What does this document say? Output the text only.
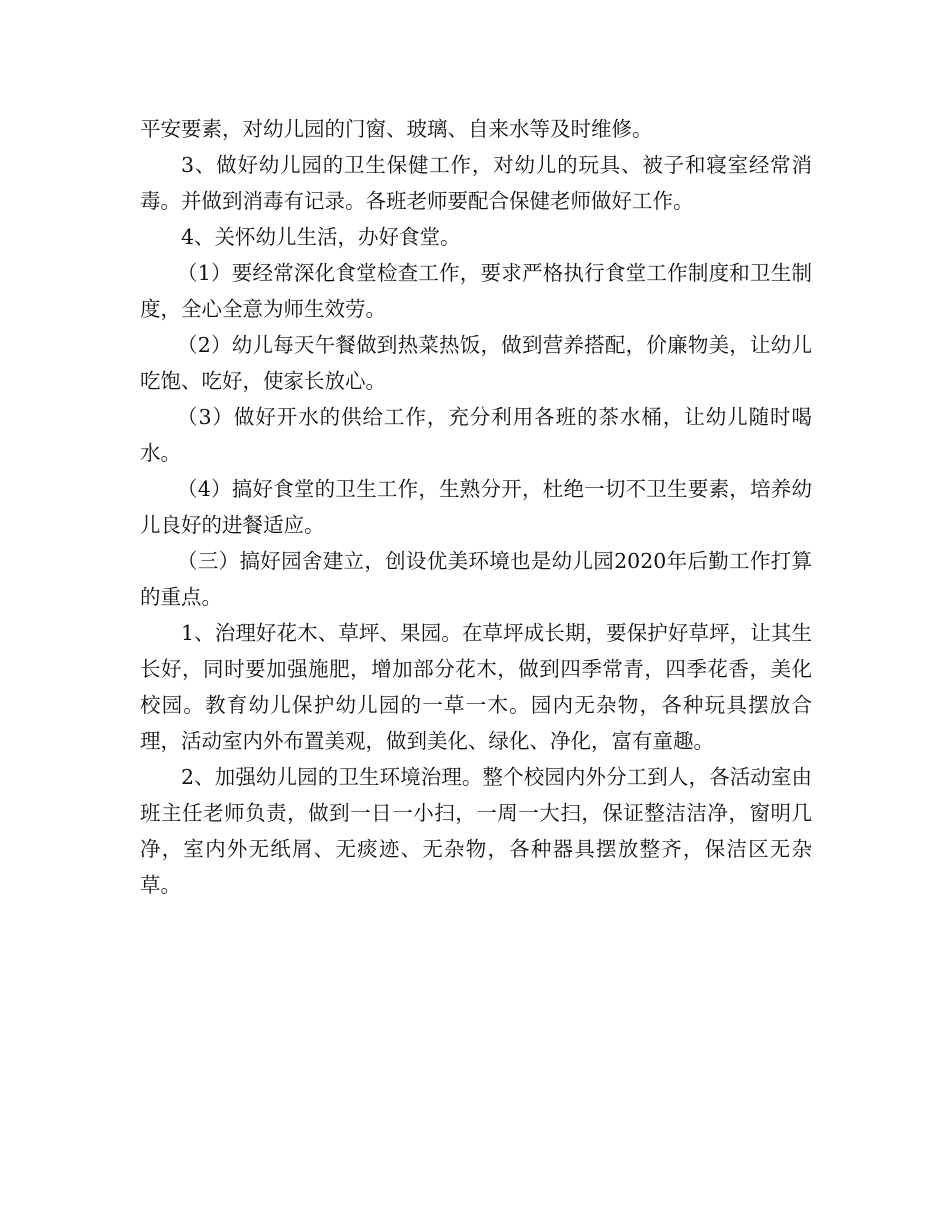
平安要素，对幼儿园的门窗、玻璃、自来水等及时维修。

3、做好幼儿园的卫生保健工作，对幼儿的玩具、被子和寝室经常消毒。并做到消毒有记录。各班老师要配合保健老师做好工作。

4、关怀幼儿生活，办好食堂。

（1）要经常深化食堂检查工作，要求严格执行食堂工作制度和卫生制度，全心全意为师生效劳。

（2）幼儿每天午餐做到热菜热饭，做到营养搭配，价廉物美，让幼儿吃饱、吃好，使家长放心。

（3）做好开水的供给工作，充分利用各班的茶水桶，让幼儿随时喝水。

（4）搞好食堂的卫生工作，生熟分开，杜绝一切不卫生要素，培养幼儿良好的进餐适应。

（三）搞好园舍建立，创设优美环境也是幼儿园2020年后勤工作打算的重点。

1、治理好花木、草坪、果园。在草坪成长期，要保护好草坪，让其生长好，同时要加强施肥，增加部分花木，做到四季常青，四季花香，美化校园。教育幼儿保护幼儿园的一草一木。园内无杂物，各种玩具摆放合理，活动室内外布置美观，做到美化、绿化、净化，富有童趣。

2、加强幼儿园的卫生环境治理。整个校园内外分工到人，各活动室由班主任老师负责，做到一日一小扫，一周一大扫，保证整洁洁净，窗明几净，室内外无纸屑、无痰迹、无杂物，各种器具摆放整齐，保洁区无杂草。
